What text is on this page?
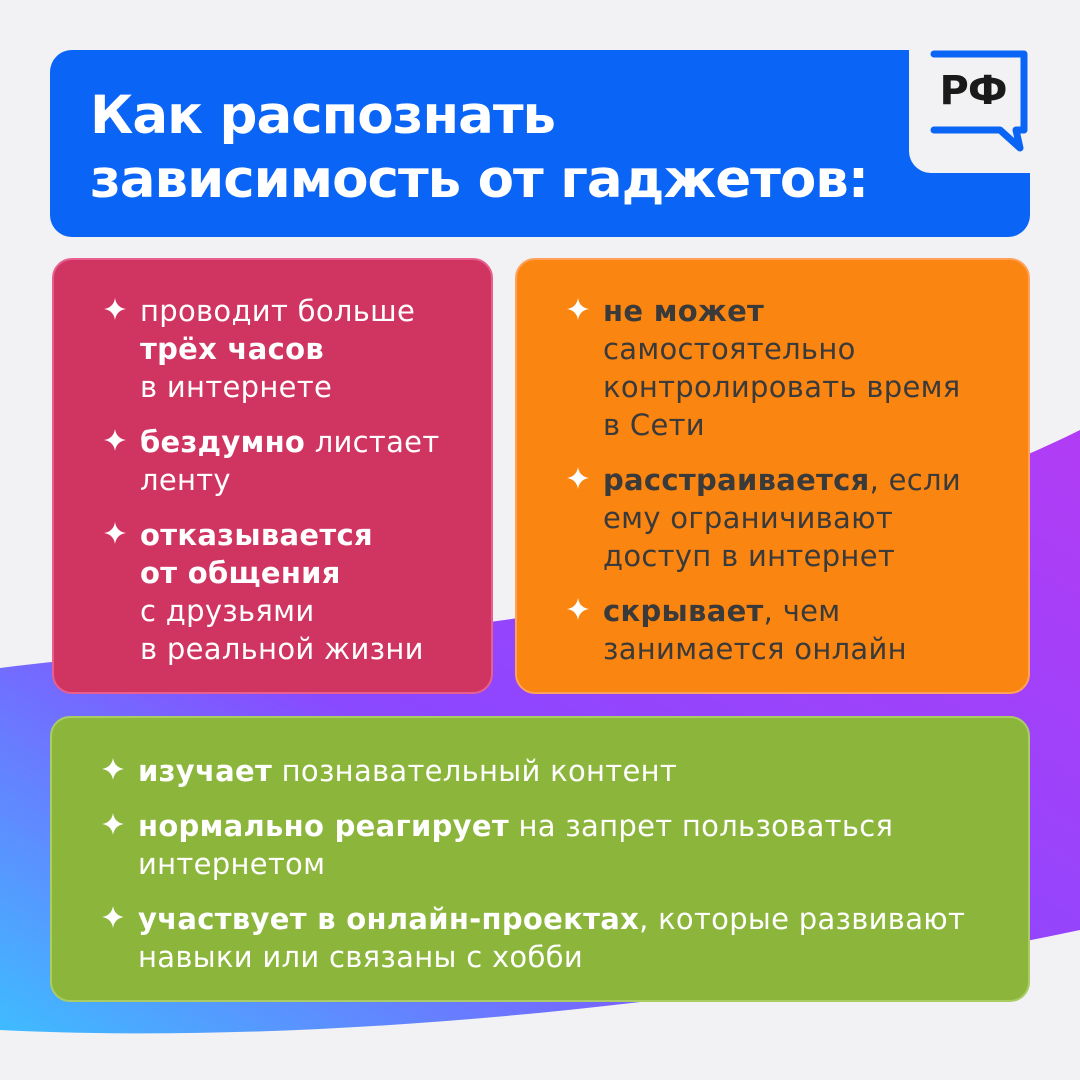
Как распознать
зависимость от гаджетов:
РФ
проводит больше
трёх часов
в интернете
бездумно листает
ленту
отказывается
от общения
с друзьями
в реальной жизни
не может
самостоятельно
контролировать время
в Сети
расстраивается, если
ему ограничивают
доступ в интернет
скрывает, чем
занимается онлайн
изучает познавательный контент
нормально реагирует на запрет пользоваться
интернетом
участвует в онлайн-проектах, которые развивают
навыки или связаны с хобби
